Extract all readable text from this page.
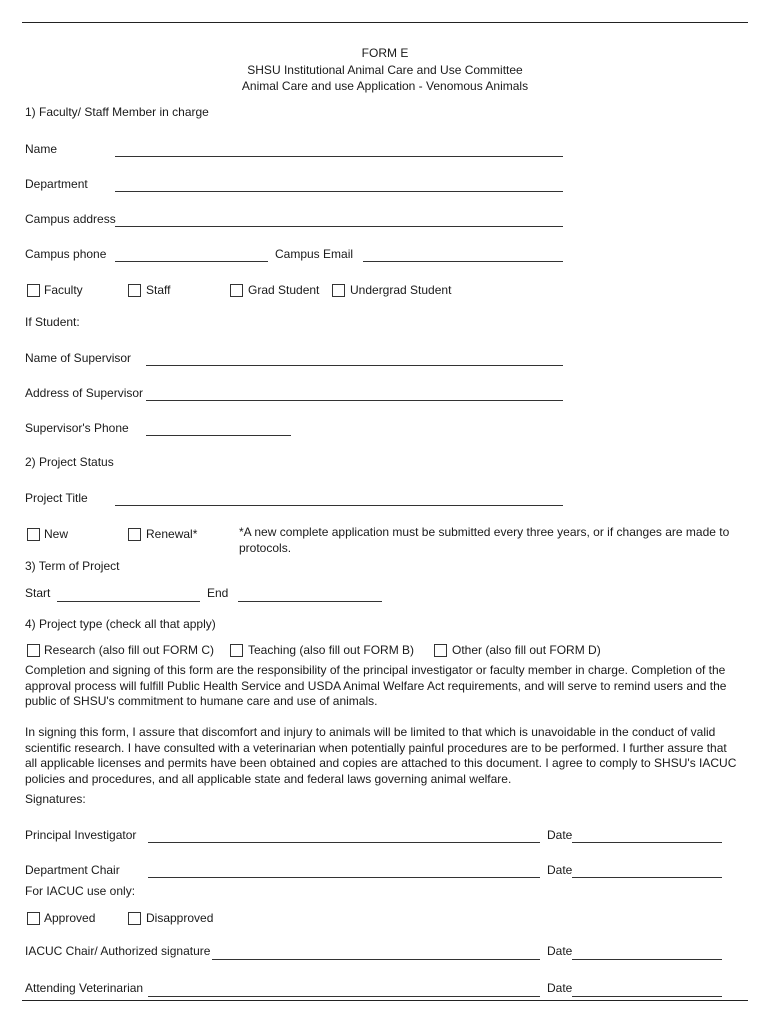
FORM E
SHSU Institutional Animal Care and Use Committee
Animal Care and use Application - Venomous Animals
1) Faculty/ Staff Member in charge
Name
Department
Campus address
Campus phone	Campus Email
Faculty	Staff	Grad Student	Undergrad Student
If Student:
Name of Supervisor
Address of Supervisor
Supervisor's Phone
2) Project Status
Project Title
New	Renewal*	*A new complete application must be submitted every three years, or if changes are made to protocols.
3) Term of Project
Start	End
4) Project type (check all that apply)
Research (also fill out FORM C)	Teaching (also fill out FORM B)	Other (also fill out FORM D)
Completion and signing of this form are the responsibility of the principal investigator or faculty member in charge. Completion of the approval process will fulfill Public Health Service and USDA Animal Welfare Act requirements, and will serve to remind users and the public of SHSU's commitment to humane care and use of animals.
In signing this form, I assure that discomfort and injury to animals will be limited to that which is unavoidable in the conduct of valid scientific research. I have consulted with a veterinarian when potentially painful procedures are to be performed. I further assure that all applicable licenses and permits have been obtained and copies are attached to this document. I agree to comply to SHSU's IACUC policies and procedures, and all applicable state and federal laws governing animal welfare.
Signatures:
Principal Investigator	Date
Department Chair	Date
For IACUC use only:
Approved	Disapproved
IACUC Chair/ Authorized signature	Date
Attending Veterinarian	Date
